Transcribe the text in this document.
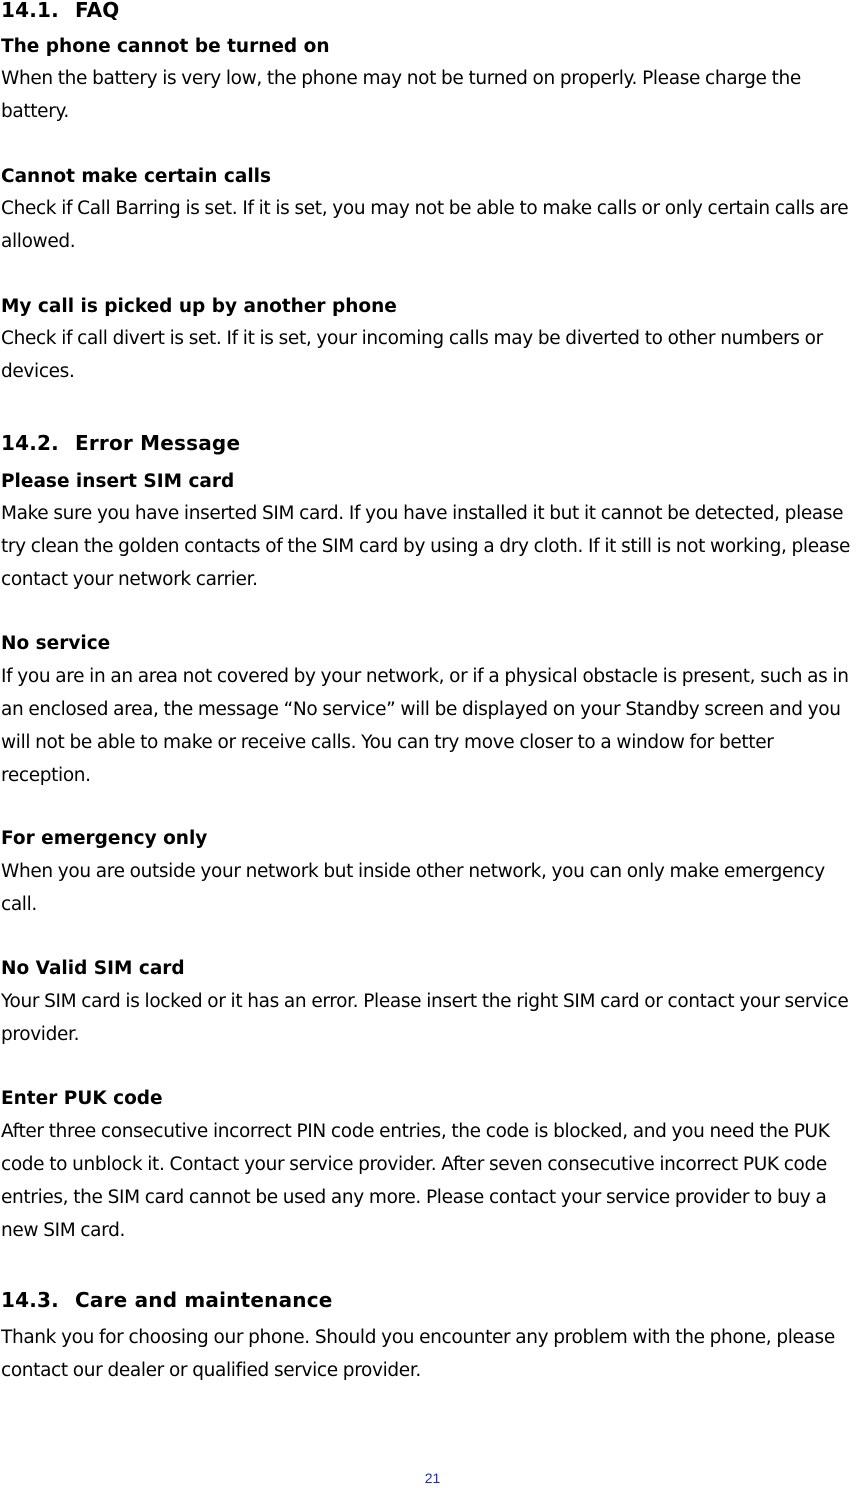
14.1. FAQ
The phone cannot be turned on
When the battery is very low, the phone may not be turned on properly. Please charge the battery.
Cannot make certain calls
Check if Call Barring is set. If it is set, you may not be able to make calls or only certain calls are allowed.
My call is picked up by another phone
Check if call divert is set. If it is set, your incoming calls may be diverted to other numbers or devices.
14.2. Error Message
Please insert SIM card
Make sure you have inserted SIM card. If you have installed it but it cannot be detected, please try clean the golden contacts of the SIM card by using a dry cloth. If it still is not working, please contact your network carrier.
No service
If you are in an area not covered by your network, or if a physical obstacle is present, such as in an enclosed area, the message “No service” will be displayed on your Standby screen and you will not be able to make or receive calls. You can try move closer to a window for better reception.
For emergency only
When you are outside your network but inside other network, you can only make emergency call.
No Valid SIM card
Your SIM card is locked or it has an error. Please insert the right SIM card or contact your service provider.
Enter PUK code
After three consecutive incorrect PIN code entries, the code is blocked, and you need the PUK code to unblock it. Contact your service provider. After seven consecutive incorrect PUK code entries, the SIM card cannot be used any more. Please contact your service provider to buy a new SIM card.
14.3. Care and maintenance
Thank you for choosing our phone. Should you encounter any problem with the phone, please contact our dealer or qualified service provider.
21
